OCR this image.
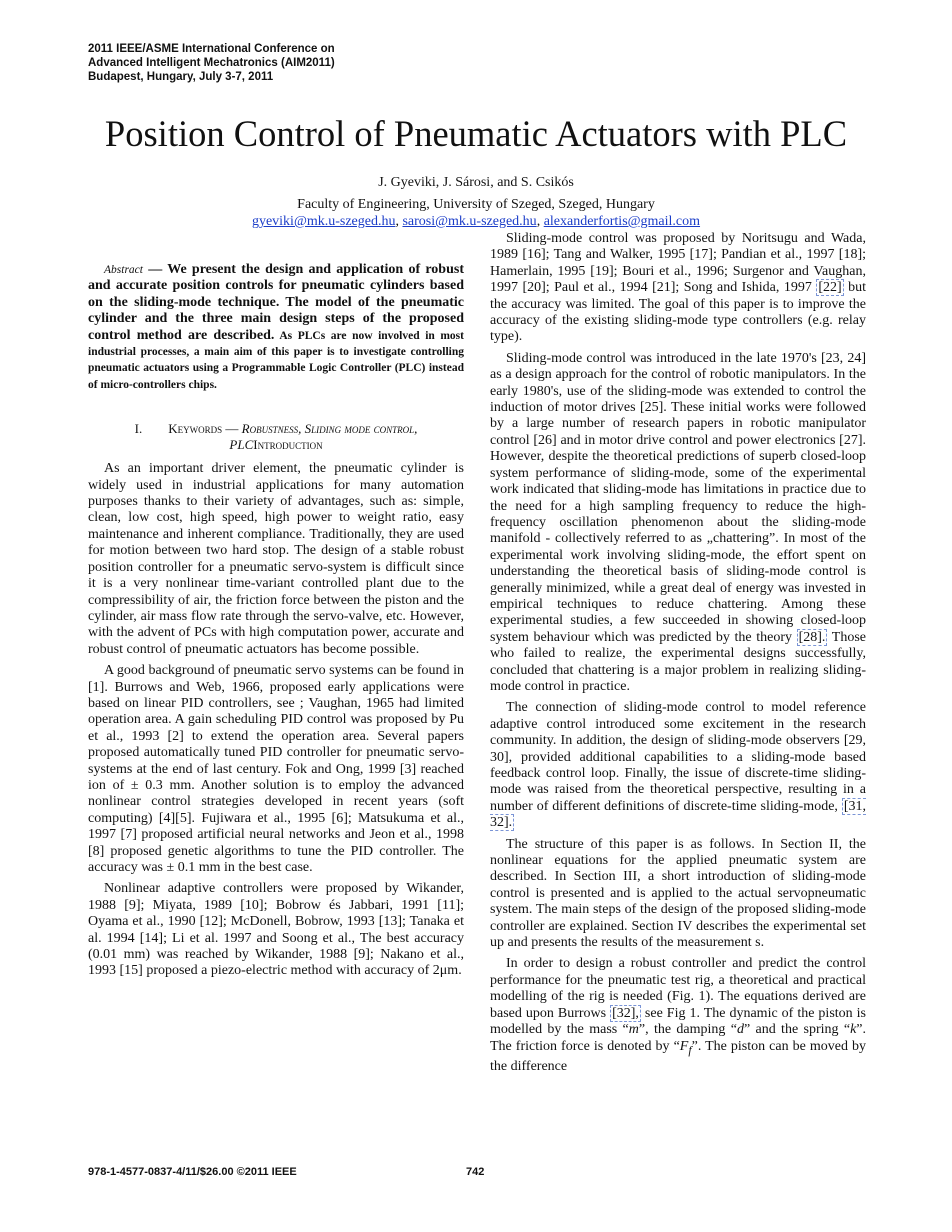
2011 IEEE/ASME International Conference on
Advanced Intelligent Mechatronics (AIM2011)
Budapest, Hungary, July 3-7, 2011
Position Control of Pneumatic Actuators with PLC
J. Gyeviki, J. Sárosi, and S. Csikós
Faculty of Engineering, University of Szeged, Szeged, Hungary
gyeviki@mk.u-szeged.hu, sarosi@mk.u-szeged.hu, alexanderfortis@gmail.com

Abstract — We present the design and application of robust and accurate position controls for pneumatic cylinders based on the sliding-mode technique. The model of the pneumatic cylinder and the three main design steps of the proposed control method are described. As PLCs are now involved in most industrial processes, a main aim of this paper is to investigate controlling pneumatic actuators using a Programmable Logic Controller (PLC) instead of micro-controllers chips.

I. Keywords — Robustness, Sliding mode control, PLCIntroduction

As an important driver element, the pneumatic cylinder is widely used in industrial applications for many automation purposes thanks to their variety of advantages, such as: simple, clean, low cost, high speed, high power to weight ratio, easy maintenance and inherent compliance. Traditionally, they are used for motion between two hard stop. The design of a stable robust position controller for a pneumatic servo-system is difficult since it is a very nonlinear time-variant controlled plant due to the compressibility of air, the friction force between the piston and the cylinder, air mass flow rate through the servo-valve, etc. However, with the advent of PCs with high computation power, accurate and robust control of pneumatic actuators has become possible.

A good background of pneumatic servo systems can be found in [1]. Burrows and Web, 1966, proposed early applications were based on linear PID controllers, see ; Vaughan, 1965 had limited operation area. A gain scheduling PID control was proposed by Pu et al., 1993 [2] to extend the operation area. Several papers proposed automatically tuned PID controller for pneumatic servo-systems at the end of last century. Fok and Ong, 1999 [3] reached ion of ± 0.3 mm. Another solution is to employ the advanced nonlinear control strategies developed in recent years (soft computing) [4][5]. Fujiwara et al., 1995 [6]; Matsukuma et al., 1997 [7] proposed artificial neural networks and Jeon et al., 1998 [8] proposed genetic algorithms to tune the PID controller. The accuracy was ± 0.1 mm in the best case.

Nonlinear adaptive controllers were proposed by Wikander, 1988 [9]; Miyata, 1989 [10]; Bobrow és Jabbari, 1991 [11]; Oyama et al., 1990 [12]; McDonell, Bobrow, 1993 [13]; Tanaka et al. 1994 [14]; Li et al. 1997 and Soong et al., The best accuracy (0.01 mm) was reached by Wikander, 1988 [9]; Nakano et al., 1993 [15] proposed a piezo-electric method with accuracy of 2μm.

Sliding-mode control was proposed by Noritsugu and Wada, 1989 [16]; Tang and Walker, 1995 [17]; Pandian et al., 1997 [18]; Hamerlain, 1995 [19]; Bouri et al., 1996; Surgenor and Vaughan, 1997 [20]; Paul et al., 1994 [21]; Song and Ishida, 1997 [22] but the accuracy was limited. The goal of this paper is to improve the accuracy of the existing sliding-mode type controllers (e.g. relay type).

Sliding-mode control was introduced in the late 1970's [23, 24] as a design approach for the control of robotic manipulators. In the early 1980's, use of the sliding-mode was extended to control the induction of motor drives [25]. These initial works were followed by a large number of research papers in robotic manipulator control [26] and in motor drive control and power electronics [27]. However, despite the theoretical predictions of superb closed-loop system performance of sliding-mode, some of the experimental work indicated that sliding-mode has limitations in practice due to the need for a high sampling frequency to reduce the high-frequency oscillation phenomenon about the sliding-mode manifold - collectively referred to as „chattering”. In most of the experimental work involving sliding-mode, the effort spent on understanding the theoretical basis of sliding-mode control is generally minimized, while a great deal of energy was invested in empirical techniques to reduce chattering. Among these experimental studies, a few succeeded in showing closed-loop system behaviour which was predicted by the theory [28]. Those who failed to realize, the experimental designs successfully, concluded that chattering is a major problem in realizing sliding-mode control in practice.

The connection of sliding-mode control to model reference adaptive control introduced some excitement in the research community. In addition, the design of sliding-mode observers [29, 30], provided additional capabilities to a sliding-mode based feedback control loop. Finally, the issue of discrete-time sliding-mode was raised from the theoretical perspective, resulting in a number of different definitions of discrete-time sliding-mode, [31, 32].

The structure of this paper is as follows. In Section II, the nonlinear equations for the applied pneumatic system are described. In Section III, a short introduction of sliding-mode control is presented and is applied to the actual servopneumatic system. The main steps of the design of the proposed sliding-mode controller are explained. Section IV describes the experimental set up and presents the results of the measurement s.

In order to design a robust controller and predict the control performance for the pneumatic test rig, a theoretical and practical modelling of the rig is needed (Fig. 1). The equations derived are based upon Burrows [32], see Fig 1. The dynamic of the piston is modelled by the mass “m”, the damping “d” and the spring “k”. The friction force is denoted by “$F_f$”. The piston can be moved by the difference

978-1-4577-0837-4/11/$26.00 ©2011 IEEE	742
